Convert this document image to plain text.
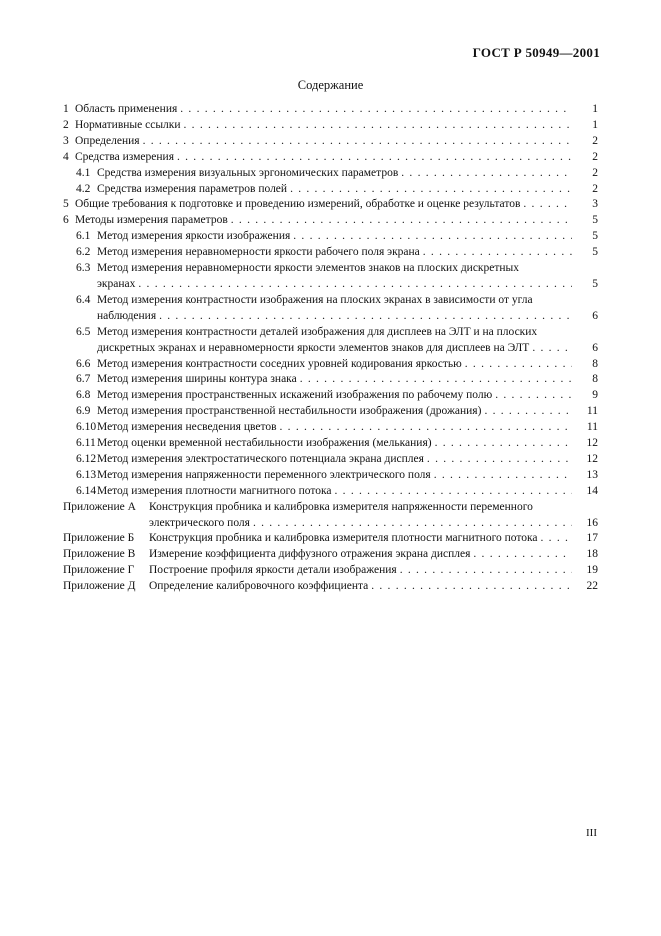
ГОСТ Р 50949—2001
Содержание
1 Область применения . . .	1
2 Нормативные ссылки . . .	1
3 Определения . . .	2
4 Средства измерения . . .	2
4.1 Средства измерения визуальных эргономических параметров . . .	2
4.2 Средства измерения параметров полей . . .	2
5 Общие требования к подготовке и проведению измерений, обработке и оценке результатов . . .	3
6 Методы измерения параметров . . .	5
6.1 Метод измерения яркости изображения . . .	5
6.2 Метод измерения неравномерности яркости рабочего поля экрана . . .	5
6.3 Метод измерения неравномерности яркости элементов знаков на плоских дискретных
экранах . . .	5
6.4 Метод измерения контрастности изображения на плоских экранах в зависимости от угла
наблюдения . . .	6
6.5 Метод измерения контрастности деталей изображения для дисплеев на ЭЛТ и на плоских
дискретных экранах и неравномерности яркости элементов знаков для дисплеев на ЭЛТ . . .	6
6.6 Метод измерения контрастности соседних уровней кодирования яркостью . . .	8
6.7 Метод измерения ширины контура знака . . .	8
6.8 Метод измерения пространственных искажений изображения по рабочему полю . . .	9
6.9 Метод измерения пространственной нестабильности изображения (дрожания) . . .	11
6.10 Метод измерения несведения цветов . . .	11
6.11 Метод оценки временной нестабильности изображения (мелькания) . . .	12
6.12 Метод измерения электростатического потенциала экрана дисплея . . .	12
6.13 Метод измерения напряженности переменного электрического поля . . .	13
6.14 Метод измерения плотности магнитного потока . . .	14
Приложение А	Конструкция пробника и калибровка измерителя напряженности переменного
электрического поля . . .	16
Приложение Б	Конструкция пробника и калибровка измерителя плотности магнитного потока . . .	17
Приложение В	Измерение коэффициента диффузного отражения экрана дисплея . . .	18
Приложение Г	Построение профиля яркости детали изображения . . .	19
Приложение Д	Определение калибровочного коэффициента . . .	22
III
